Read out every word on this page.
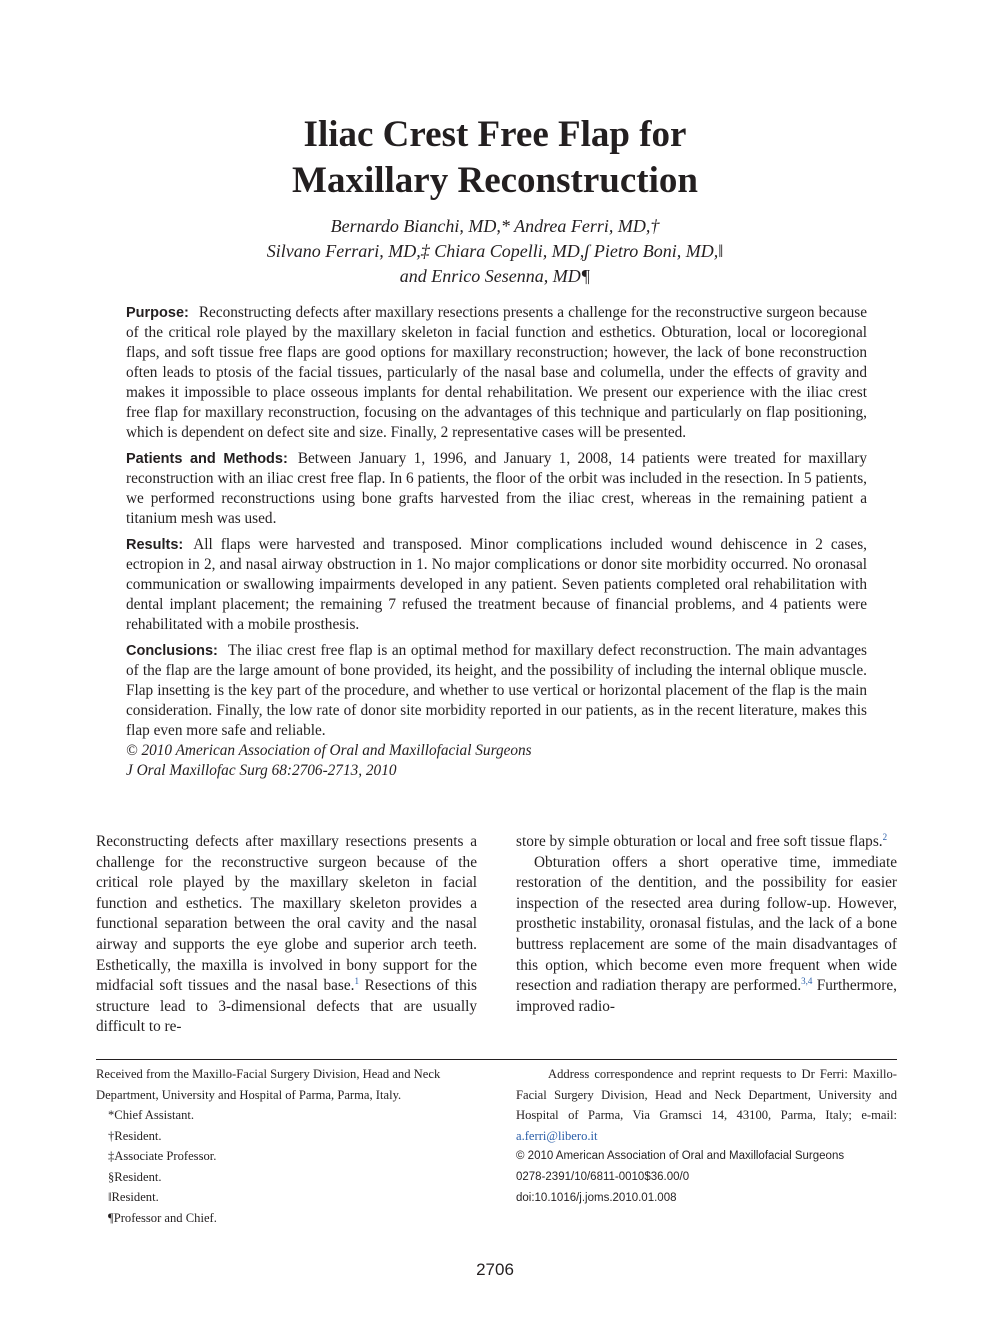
Iliac Crest Free Flap for
Maxillary Reconstruction
Bernardo Bianchi, MD,* Andrea Ferri, MD,†
Silvano Ferrari, MD,‡ Chiara Copelli, MD,ʃ Pietro Boni, MD,‖
and Enrico Sesenna, MD¶

Purpose: Reconstructing defects after maxillary resections presents a challenge for the reconstructive surgeon because of the critical role played by the maxillary skeleton in facial function and esthetics. Obturation, local or locoregional flaps, and soft tissue free flaps are good options for maxillary reconstruction; however, the lack of bone reconstruction often leads to ptosis of the facial tissues, particularly of the nasal base and columella, under the effects of gravity and makes it impossible to place osseous implants for dental rehabilitation. We present our experience with the iliac crest free flap for maxillary reconstruction, focusing on the advantages of this technique and particularly on flap positioning, which is dependent on defect site and size. Finally, 2 representative cases will be presented.

Patients and Methods: Between January 1, 1996, and January 1, 2008, 14 patients were treated for maxillary reconstruction with an iliac crest free flap. In 6 patients, the floor of the orbit was included in the resection. In 5 patients, we performed reconstructions using bone grafts harvested from the iliac crest, whereas in the remaining patient a titanium mesh was used.

Results: All flaps were harvested and transposed. Minor complications included wound dehiscence in 2 cases, ectropion in 2, and nasal airway obstruction in 1. No major complications or donor site morbidity occurred. No oronasal communication or swallowing impairments developed in any patient. Seven patients completed oral rehabilitation with dental implant placement; the remaining 7 refused the treatment because of financial problems, and 4 patients were rehabilitated with a mobile prosthesis.

Conclusions: The iliac crest free flap is an optimal method for maxillary defect reconstruction. The main advantages of the flap are the large amount of bone provided, its height, and the possibility of including the internal oblique muscle. Flap insetting is the key part of the procedure, and whether to use vertical or horizontal placement of the flap is the main consideration. Finally, the low rate of donor site morbidity reported in our patients, as in the recent literature, makes this flap even more safe and reliable.

© 2010 American Association of Oral and Maxillofacial Surgeons
J Oral Maxillofac Surg 68:2706-2713, 2010

Reconstructing defects after maxillary resections presents a challenge for the reconstructive surgeon because of the critical role played by the maxillary skeleton in facial function and esthetics. The maxillary skeleton provides a functional separation between the oral cavity and the nasal airway and supports the eye globe and superior arch teeth. Esthetically, the maxilla is involved in bony support for the midfacial soft tissues and the nasal base.$^1$ Resections of this structure lead to 3-dimensional defects that are usually difficult to re-

store by simple obturation or local and free soft tissue flaps.$^2$

Obturation offers a short operative time, immediate restoration of the dentition, and the possibility for easier inspection of the resected area during follow-up. However, prosthetic instability, oronasal fistulas, and the lack of a bone buttress replacement are some of the main disadvantages of this option, which become even more frequent when wide resection and radiation therapy are performed.$^{3,4}$ Furthermore, improved radio-

Received from the Maxillo-Facial Surgery Division, Head and Neck Department, University and Hospital of Parma, Parma, Italy.
*Chief Assistant.
†Resident.
‡Associate Professor.
§Resident.
‖Resident.
¶Professor and Chief.
Address correspondence and reprint requests to Dr Ferri: Maxillo-Facial Surgery Division, Head and Neck Department, University and Hospital of Parma, Via Gramsci 14, 43100, Parma, Italy; e-mail: a.ferri@libero.it
© 2010 American Association of Oral and Maxillofacial Surgeons
0278-2391/10/6811-0010$36.00/0
doi:10.1016/j.joms.2010.01.008
2706
